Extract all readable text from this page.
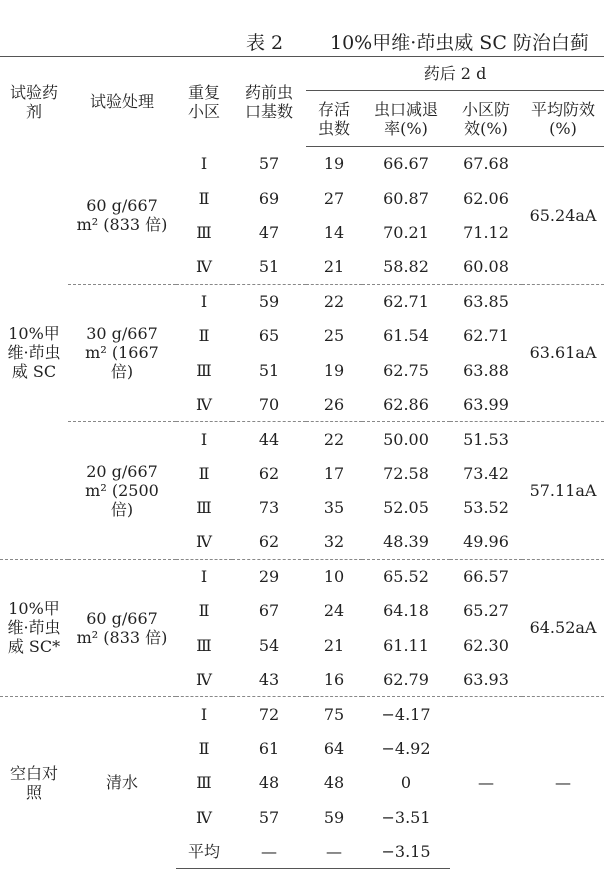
表 2 10%甲维·茚虫威 SC 防治白蓟
试验药剂	试验处理	重复小区	药前虫口基数	药后 2 d			
				存活虫数	虫口减退率(%)	小区防效(%)	平均防效(%)
10%甲维·茚虫威 SC	60 g/667 m² (833 倍)	Ⅰ	57	19	66.67	67.68	65.24aA
		Ⅱ	69	27	60.87	62.06	
		Ⅲ	47	14	70.21	71.12	
		Ⅳ	51	21	58.82	60.08	
	30 g/667 m² (1667 倍)	Ⅰ	59	22	62.71	63.85	63.61aA
		Ⅱ	65	25	61.54	62.71	
		Ⅲ	51	19	62.75	63.88	
		Ⅳ	70	26	62.86	63.99	
	20 g/667 m² (2500 倍)	Ⅰ	44	22	50.00	51.53	57.11aA
		Ⅱ	62	17	72.58	73.42	
		Ⅲ	73	35	52.05	53.52	
		Ⅳ	62	32	48.39	49.96	
10%甲维·茚虫威 SC*	60 g/667 m² (833 倍)	Ⅰ	29	10	65.52	66.57	64.52aA
		Ⅱ	67	24	64.18	65.27	
		Ⅲ	54	21	61.11	62.30	
		Ⅳ	43	16	62.79	63.93	
空白对照	清水	Ⅰ	72	75	−4.17	—	—
		Ⅱ	61	64	−4.92		
		Ⅲ	48	48	0		
		Ⅳ	57	59	−3.51		
		平均	—	—	−3.15		
